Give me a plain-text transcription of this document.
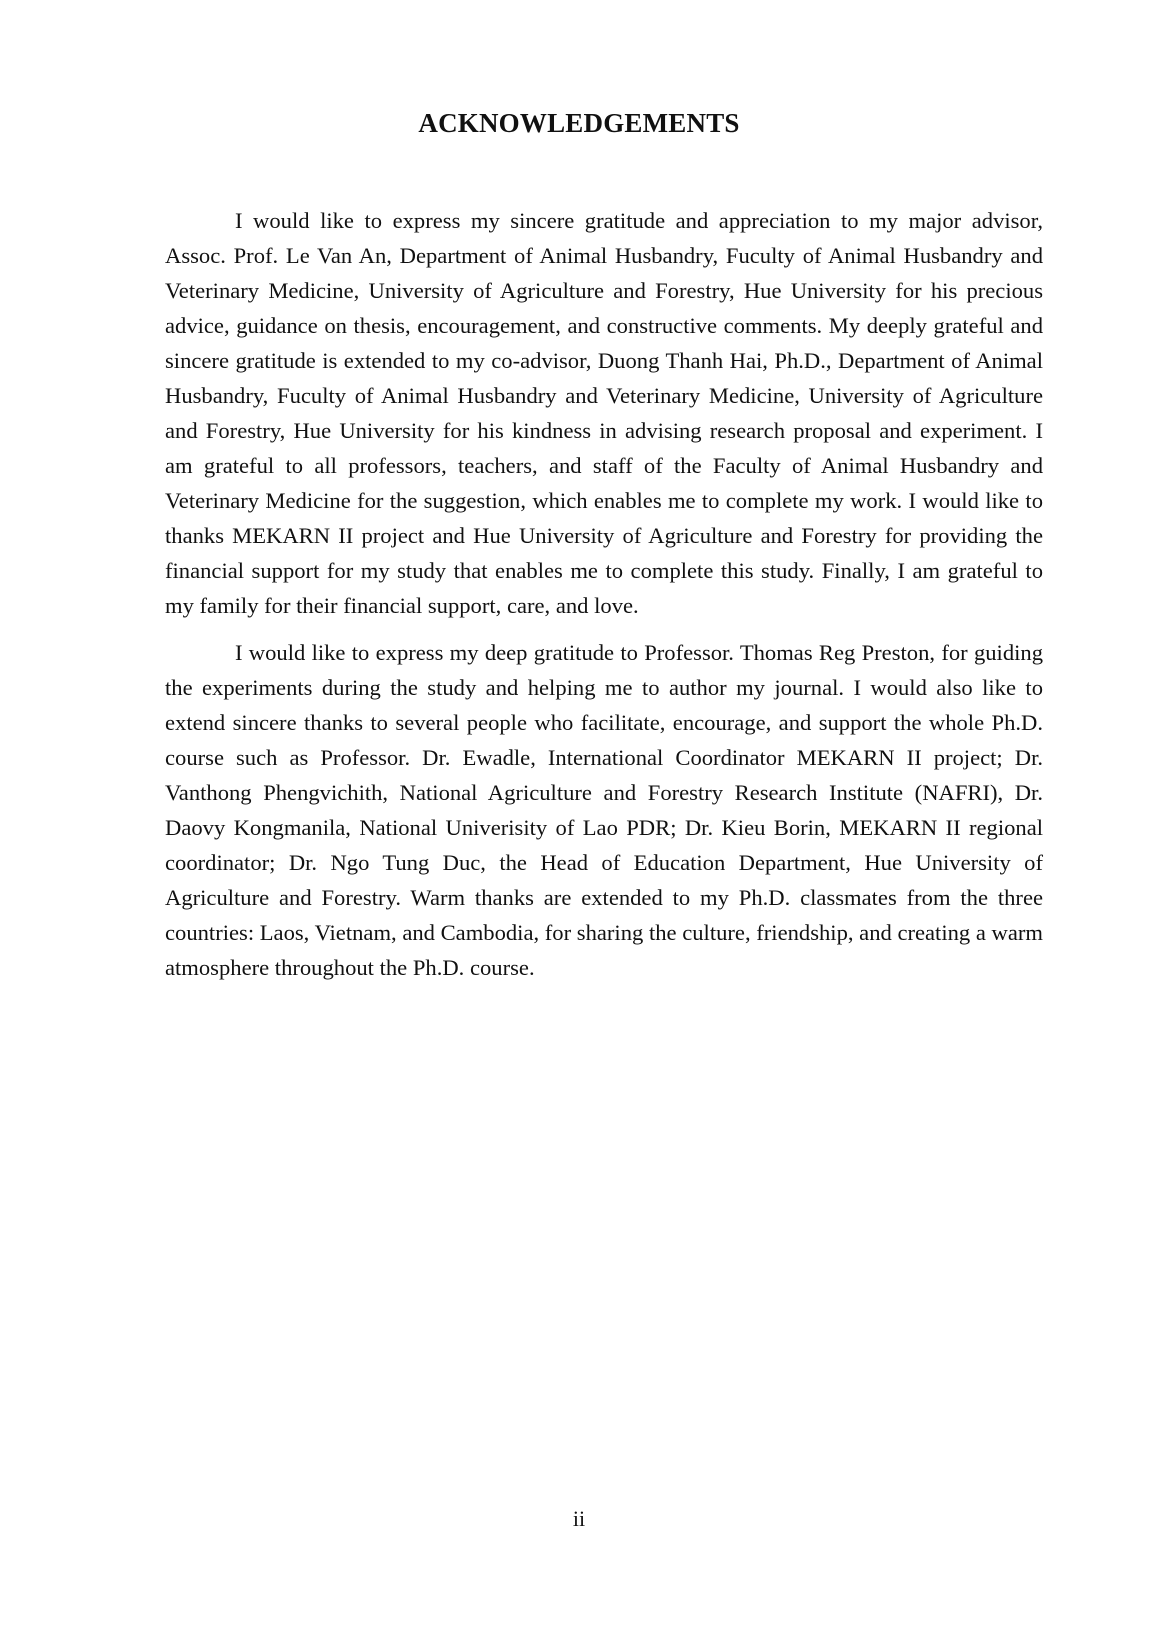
ACKNOWLEDGEMENTS

I would like to express my sincere gratitude and appreciation to my major advisor, Assoc. Prof. Le Van An, Department of Animal Husbandry, Fuculty of Animal Husbandry and Veterinary Medicine, University of Agriculture and Forestry, Hue University for his precious advice, guidance on thesis, encouragement, and constructive comments. My deeply grateful and sincere gratitude is extended to my co-advisor, Duong Thanh Hai, Ph.D., Department of Animal Husbandry, Fuculty of Animal Husbandry and Veterinary Medicine, University of Agriculture and Forestry, Hue University for his kindness in advising research proposal and experiment. I am grateful to all professors, teachers, and staff of the Faculty of Animal Husbandry and Veterinary Medicine for the suggestion, which enables me to complete my work. I would like to thanks MEKARN II project and Hue University of Agriculture and Forestry for providing the financial support for my study that enables me to complete this study. Finally, I am grateful to my family for their financial support, care, and love.

I would like to express my deep gratitude to Professor. Thomas Reg Preston, for guiding the experiments during the study and helping me to author my journal. I would also like to extend sincere thanks to several people who facilitate, encourage, and support the whole Ph.D. course such as Professor. Dr. Ewadle, International Coordinator MEKARN II project; Dr. Vanthong Phengvichith, National Agriculture and Forestry Research Institute (NAFRI), Dr. Daovy Kongmanila, National Univerisity of Lao PDR; Dr. Kieu Borin, MEKARN II regional coordinator; Dr. Ngo Tung Duc, the Head of Education Department, Hue University of Agriculture and Forestry. Warm thanks are extended to my Ph.D. classmates from the three countries: Laos, Vietnam, and Cambodia, for sharing the culture, friendship, and creating a warm atmosphere throughout the Ph.D. course.

ii
